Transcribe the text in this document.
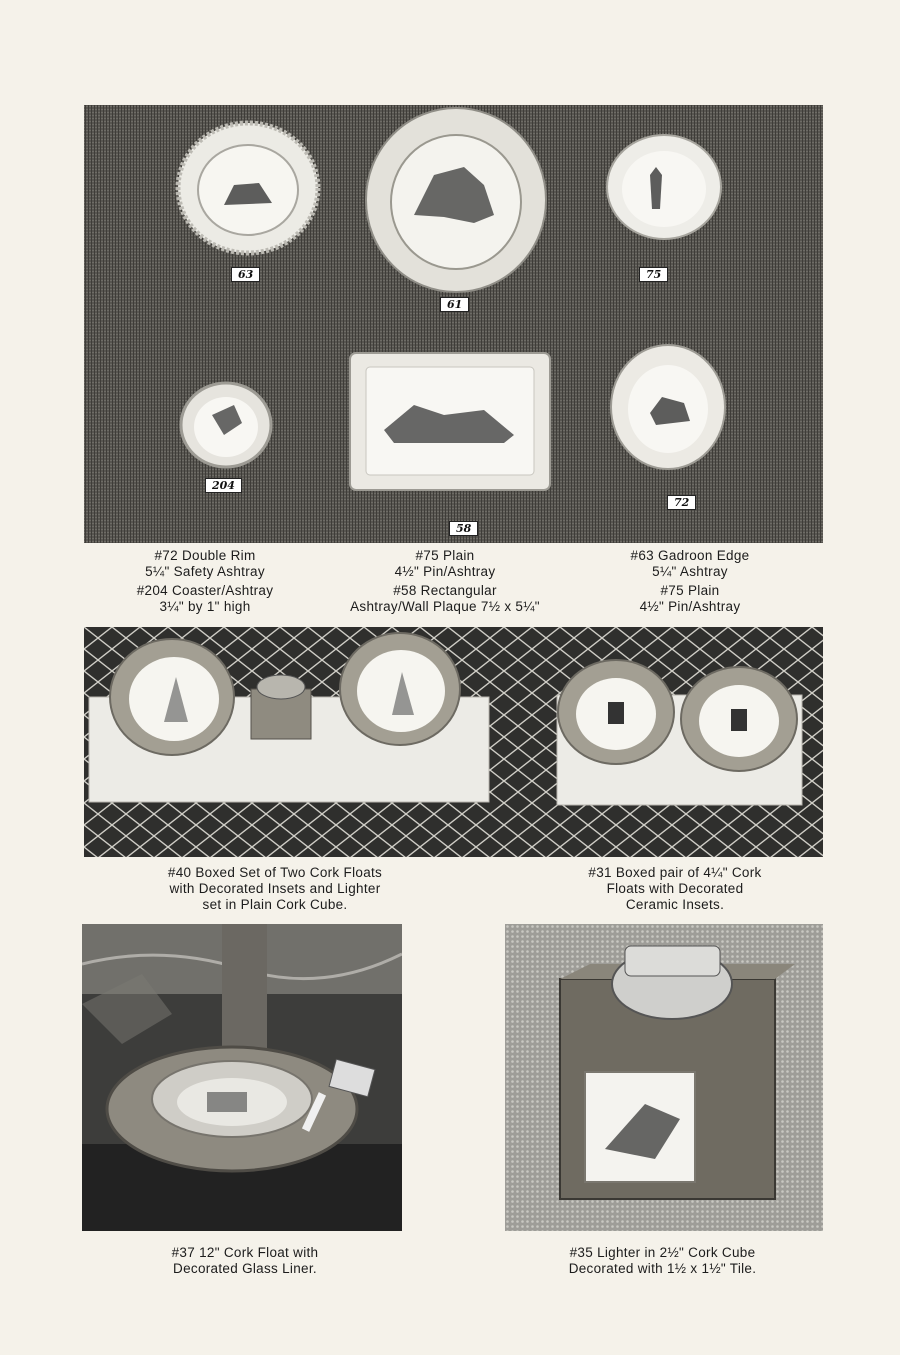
63
61
75
204
72
58
#72 Double Rim
5¼" Safety Ashtray
#204 Coaster/Ashtray
3¼" by 1" high
#75 Plain
4½" Pin/Ashtray
#58 Rectangular
Ashtray/Wall Plaque 7½ x 5¼"
#63 Gadroon Edge
5¼" Ashtray
#75 Plain
4½" Pin/Ashtray
#40 Boxed Set of Two Cork Floats
with Decorated Insets and Lighter
set in Plain Cork Cube.
#31 Boxed pair of 4¼" Cork
Floats with Decorated
Ceramic Insets.
#37 12" Cork Float with
Decorated Glass Liner.
#35 Lighter in 2½" Cork Cube
Decorated with 1½ x 1½" Tile.
